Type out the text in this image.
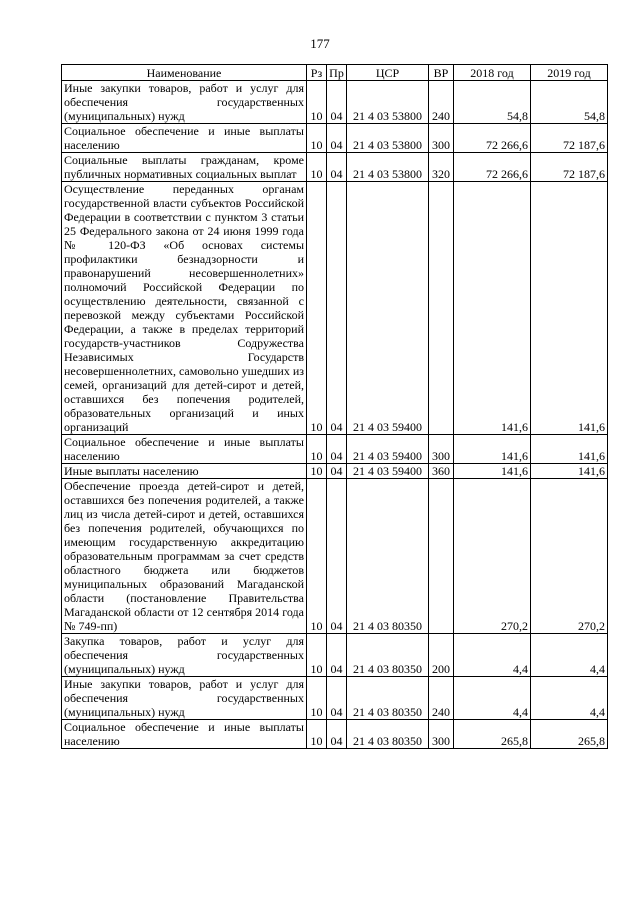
177
Наименование	Рз	Пр	ЦСР	ВР	2018 год	2019 год
Иные закупки товаров, работ и услуг для обеспечения государственных (муниципальных) нужд	10	04	21 4 03 53800	240	54,8	54,8
Социальное обеспечение и иные выплаты населению	10	04	21 4 03 53800	300	72 266,6	72 187,6
Социальные выплаты гражданам, кроме публичных нормативных социальных выплат	10	04	21 4 03 53800	320	72 266,6	72 187,6
Осуществление переданных органам государственной власти субъектов Российской Федерации в соответствии с пунктом 3 статьи 25 Федерального закона от 24 июня 1999 года № 120-ФЗ «Об основах системы профилактики безнадзорности и правонарушений несовершеннолетних» полномочий Российской Федерации по осуществлению деятельности, связанной с перевозкой между субъектами Российской Федерации, а также в пределах территорий государств-участников Содружества Независимых Государств несовершеннолетних, самовольно ушедших из семей, организаций для детей-сирот и детей, оставшихся без попечения родителей, образовательных организаций и иных организаций	10	04	21 4 03 59400		141,6	141,6
Социальное обеспечение и иные выплаты населению	10	04	21 4 03 59400	300	141,6	141,6
Иные выплаты населению	10	04	21 4 03 59400	360	141,6	141,6
Обеспечение проезда детей-сирот и детей, оставшихся без попечения родителей, а также лиц из числа детей-сирот и детей, оставшихся без попечения родителей, обучающихся по имеющим государственную аккредитацию образовательным программам за счет средств областного бюджета или бюджетов муниципальных образований Магаданской области (постановление Правительства Магаданской области от 12 сентября 2014 года № 749-пп)	10	04	21 4 03 80350		270,2	270,2
Закупка товаров, работ и услуг для обеспечения государственных (муниципальных) нужд	10	04	21 4 03 80350	200	4,4	4,4
Иные закупки товаров, работ и услуг для обеспечения государственных (муниципальных) нужд	10	04	21 4 03 80350	240	4,4	4,4
Социальное обеспечение и иные выплаты населению	10	04	21 4 03 80350	300	265,8	265,8
